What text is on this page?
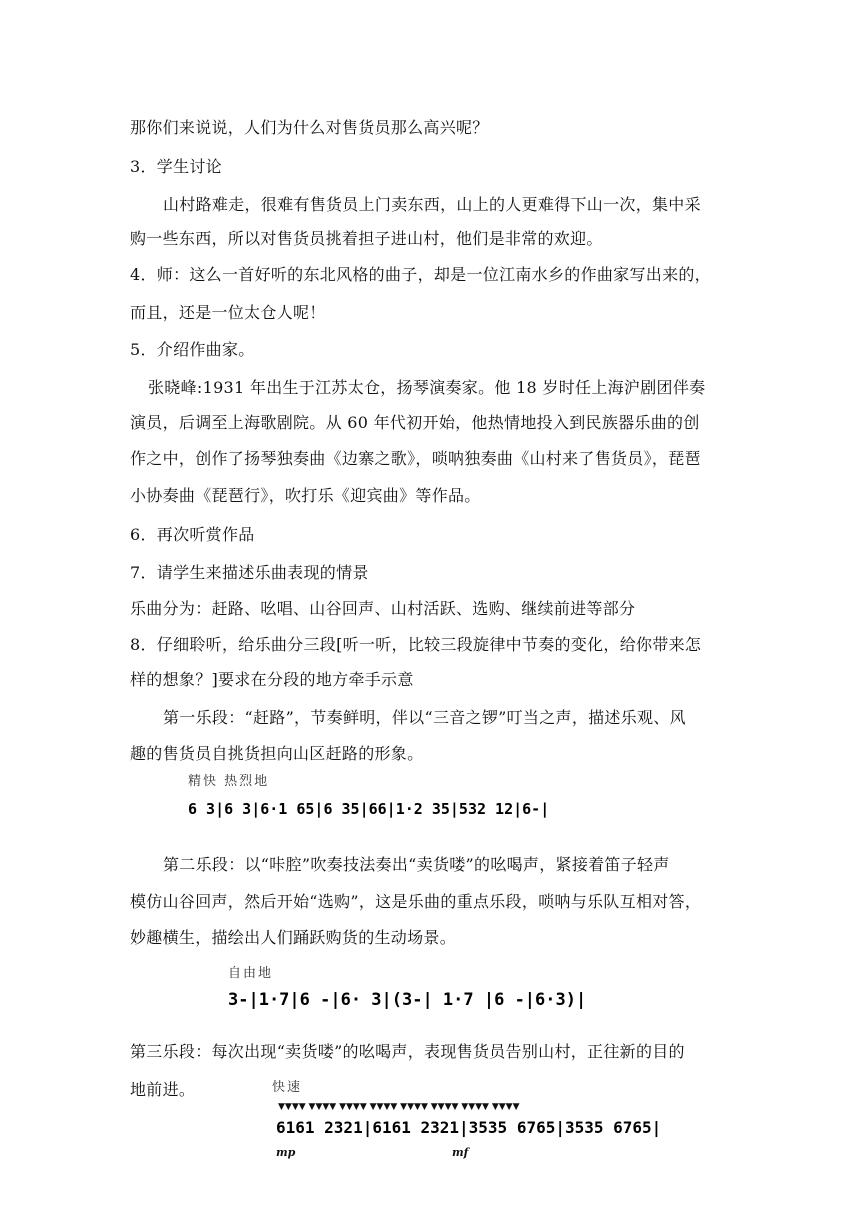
那你们来说说，人们为什么对售货员那么高兴呢？
3．学生讨论
山村路难走，很难有售货员上门卖东西，山上的人更难得下山一次，集中采
购一些东西，所以对售货员挑着担子进山村，他们是非常的欢迎。
4．师：这么一首好听的东北风格的曲子，却是一位江南水乡的作曲家写出来的，
而且，还是一位太仓人呢！
5．介绍作曲家。
张晓峰:1931 年出生于江苏太仓，扬琴演奏家。他 18 岁时任上海沪剧团伴奏
演员，后调至上海歌剧院。从 60 年代初开始，他热情地投入到民族器乐曲的创
作之中，创作了扬琴独奏曲《边寨之歌》，唢呐独奏曲《山村来了售货员》，琵琶
小协奏曲《琵琶行》，吹打乐《迎宾曲》等作品。
6．再次听赏作品
7．请学生来描述乐曲表现的情景
乐曲分为：赶路、吆唱、山谷回声、山村活跃、选购、继续前进等部分
8．仔细聆听，给乐曲分三段[听一听，比较三段旋律中节奏的变化，给你带来怎
样的想象？]要求在分段的地方牵手示意
第一乐段：“赶路”，节奏鲜明，伴以“三音之锣”叮当之声，描述乐观、风
趣的售货员自挑货担向山区赶路的形象。
精快 热烈地
6 3|6 3|6·1 65|6 35|66|1·2 35|532 12|6-|
第二乐段：以“咔腔”吹奏技法奏出“卖货喽”的吆喝声，紧接着笛子轻声
模仿山谷回声，然后开始“选购”，这是乐曲的重点乐段，唢呐与乐队互相对答，
妙趣横生，描绘出人们踊跃购货的生动场景。
自由地
3-|1·7|6 -|6· 3|(3-| 1·7 |6 -|6·3)|
第三乐段：每次出现“卖货喽”的吆喝声，表现售货员告别山村，正往新的目的
地前进。	快速
▼▼▼▼ ▼▼▼▼ ▼▼▼▼ ▼▼▼▼ ▼▼▼▼ ▼▼▼▼ ▼▼▼▼ ▼▼▼▼
6161 2321|6161 2321|3535 6765|3535 6765|
mp	mf
